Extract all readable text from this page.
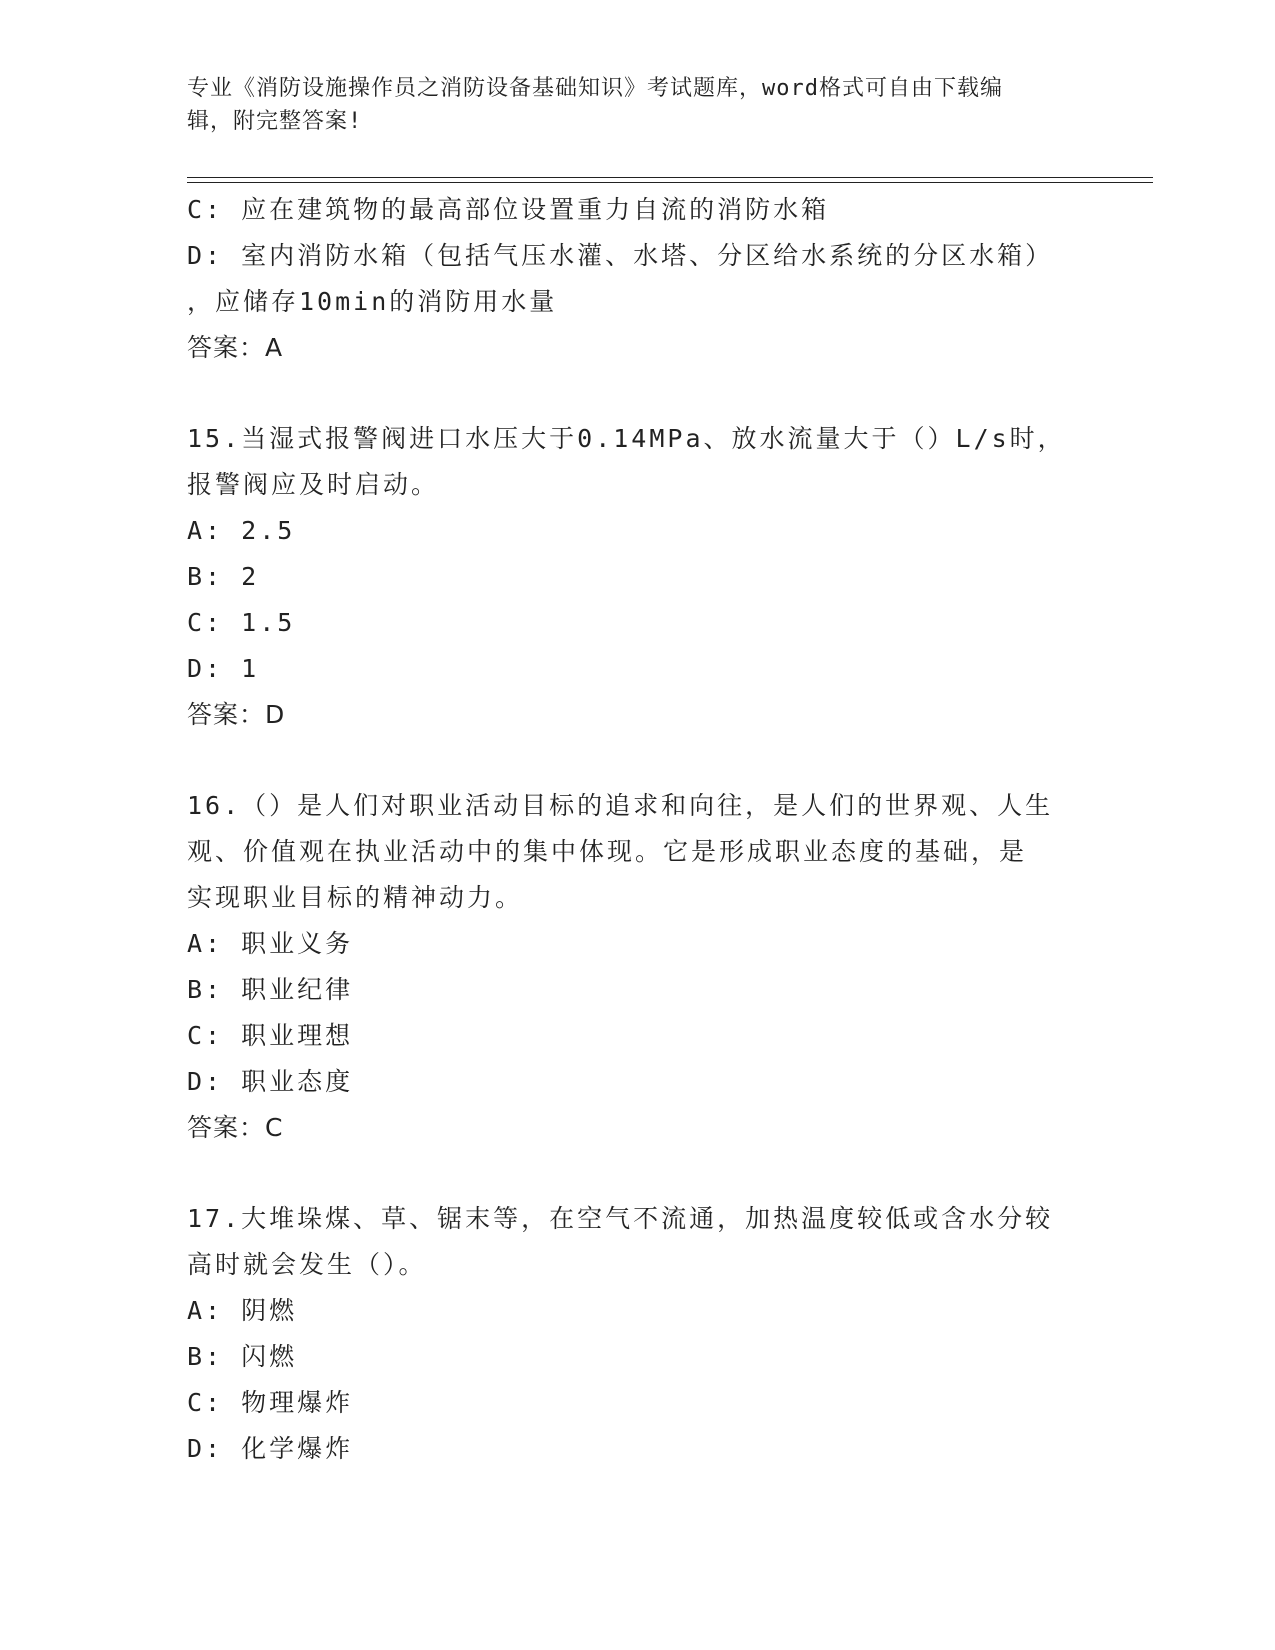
专业《消防设施操作员之消防设备基础知识》考试题库，word格式可自由下载编
辑，附完整答案!
C: 应在建筑物的最高部位设置重力自流的消防水箱
D: 室内消防水箱（包括气压水灌、水塔、分区给水系统的分区水箱）
，应储存10min的消防用水量
答案：A
15.当湿式报警阀进口水压大于0.14MPa、放水流量大于（）L/s时，
报警阀应及时启动。
A: 2.5
B: 2
C: 1.5
D: 1
答案：D
16.（）是人们对职业活动目标的追求和向往，是人们的世界观、人生
观、价值观在执业活动中的集中体现。它是形成职业态度的基础，是
实现职业目标的精神动力。
A: 职业义务
B: 职业纪律
C: 职业理想
D: 职业态度
答案：C
17.大堆垛煤、草、锯末等，在空气不流通，加热温度较低或含水分较
高时就会发生（）。
A: 阴燃
B: 闪燃
C: 物理爆炸
D: 化学爆炸
